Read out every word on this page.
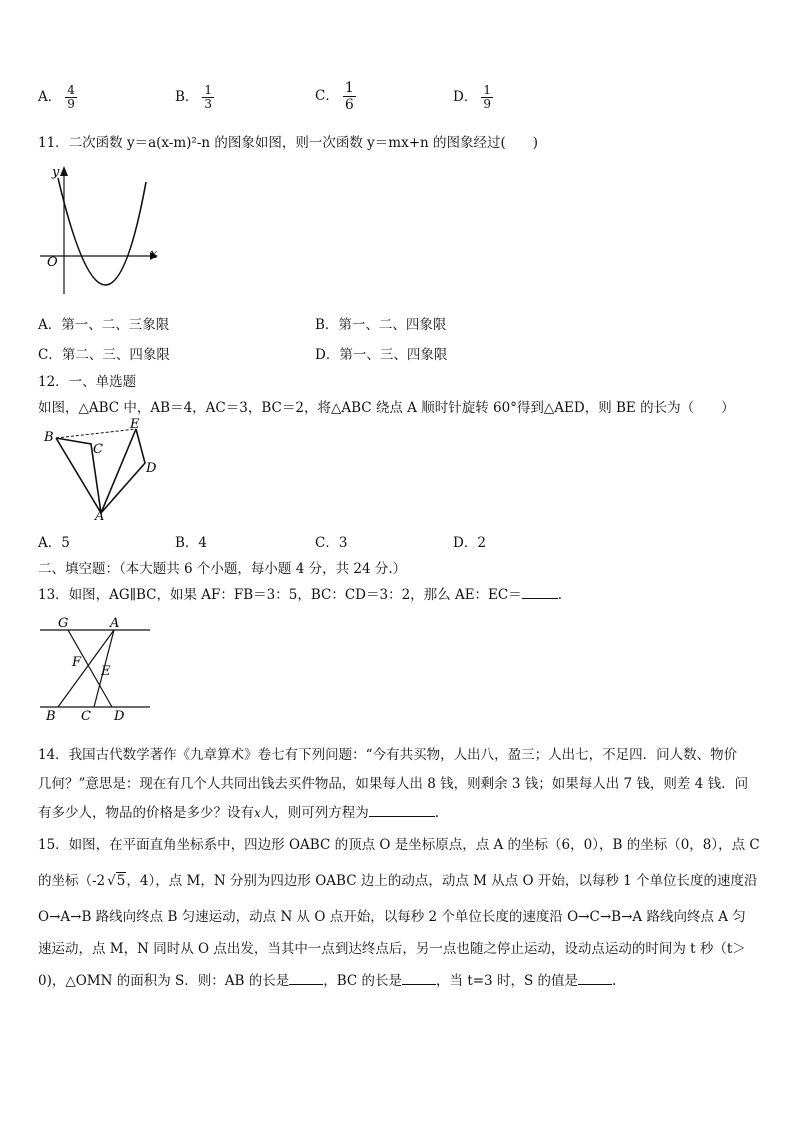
A． $\frac{4}{9}$	B． $\frac{1}{3}$	C． $\frac{1}{6}$	D． $\frac{1}{9}$
11．二次函数 y＝a(x-m)²-n 的图象如图，则一次函数 y＝mx+n 的图象经过(　　)
y
x
O
A．第一、二、三象限	B．第一、二、四象限
C．第二、三、四象限	D．第一、三、四象限
12．一、单选题
如图，△ABC 中，AB＝4，AC＝3，BC＝2，将△ABC 绕点 A 顺时针旋转 60°得到△AED，则 BE 的长为（　　）
B
C
E
D
A
A．5	B．4	C．3	D．2
二、填空题：（本大题共 6 个小题，每小题 4 分，共 24 分.）
13．如图，AG∥BC，如果 AF：FB＝3：5，BC：CD＝3：2，那么 AE：EC＝	.
G	A
F
E
B C D
14．我国古代数学著作《九章算术》卷七有下列问题：“今有共买物，人出八，盈三；人出七，不足四．问人数、物价
几何？”意思是：现在有几个人共同出钱去买件物品，如果每人出 8 钱，则剩余 3 钱；如果每人出 7 钱，则差 4 钱．问
有多少人，物品的价格是多少？设有x人，则可列方程为	.
15．如图，在平面直角坐标系中，四边形 OABC 的顶点 O 是坐标原点，点 A 的坐标（6，0），B 的坐标（0，8），点 C
的坐标（-2 √5，4），点 M，N 分别为四边形 OABC 边上的动点，动点 M 从点 O 开始，以每秒 1 个单位长度的速度沿
O→A→B 路线向终点 B 匀速运动，动点 N 从 O 点开始，以每秒 2 个单位长度的速度沿 O→C→B→A 路线向终点 A 匀
速运动，点 M，N 同时从 O 点出发，当其中一点到达终点后，另一点也随之停止运动，设动点运动的时间为 t 秒（t＞
0)，△OMN 的面积为 S．则：AB 的长是	，BC 的长是	，当 t=3 时，S 的值是	.
